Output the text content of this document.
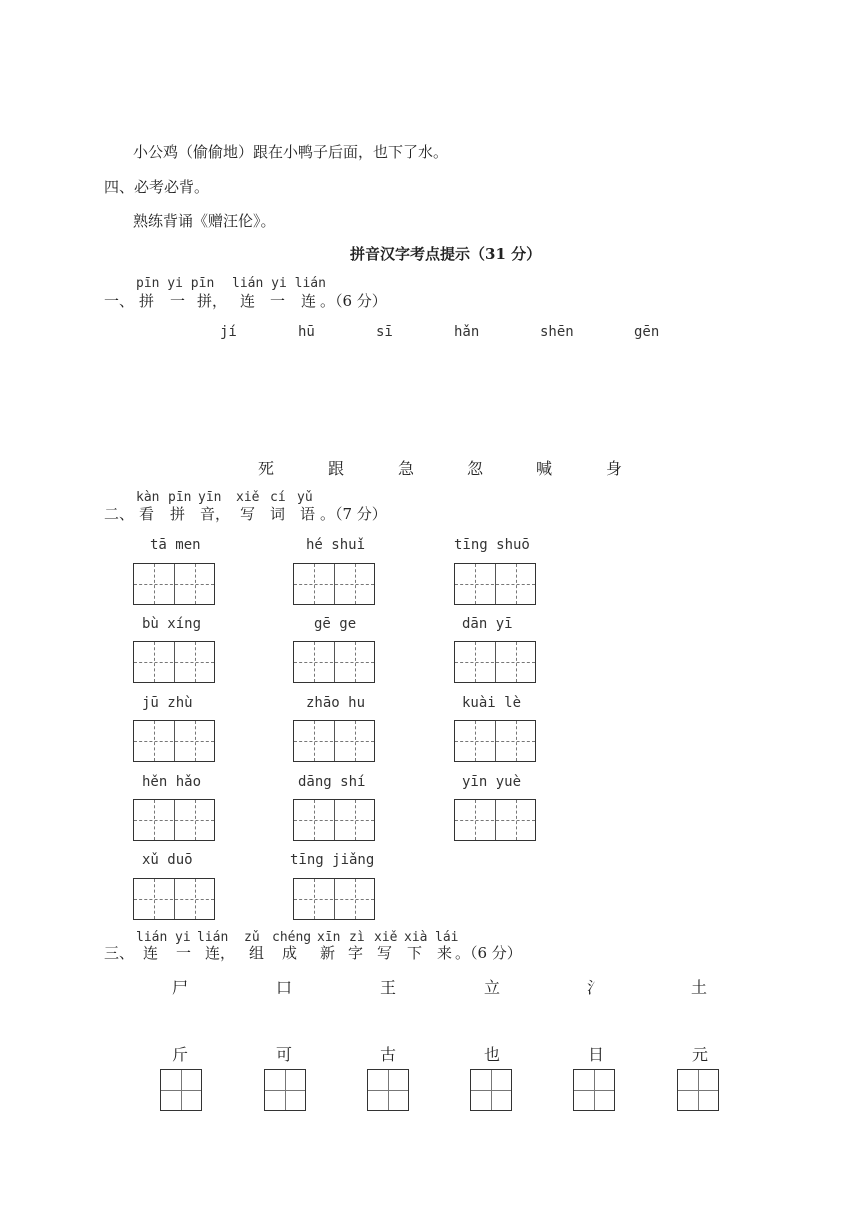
小公鸡（偷偷地）跟在小鸭子后面，也下了水。
四、必考必背。
熟练背诵《赠汪伦》。
拼音汉字考点提示（31 分）
pīn yi pīn lián yi lián
一、 拼 一 拼， 连 一 连 。（6 分）
jí	hū	sī	hǎn	shēn	gēn
死	跟	急	忽	喊	身
kàn pīn yīn xiě cí yǔ
二、 看 拼 音， 写 词 语 。（7 分）
tā men	hé shuǐ	tīng shuō
bù xíng	gē ge	dān yī
jū zhù	zhāo hu	kuài lè
hěn hǎo	dāng shí	yīn yuè
xǔ duō	tīng jiǎng
lián yi lián zǔ chéng xīn zì xiě xià lái
三、 连 一 连， 组 成 新 字 写 下 来 。（6 分）
尸	口	王	立	氵	土
斤	可	古	也	日	元
